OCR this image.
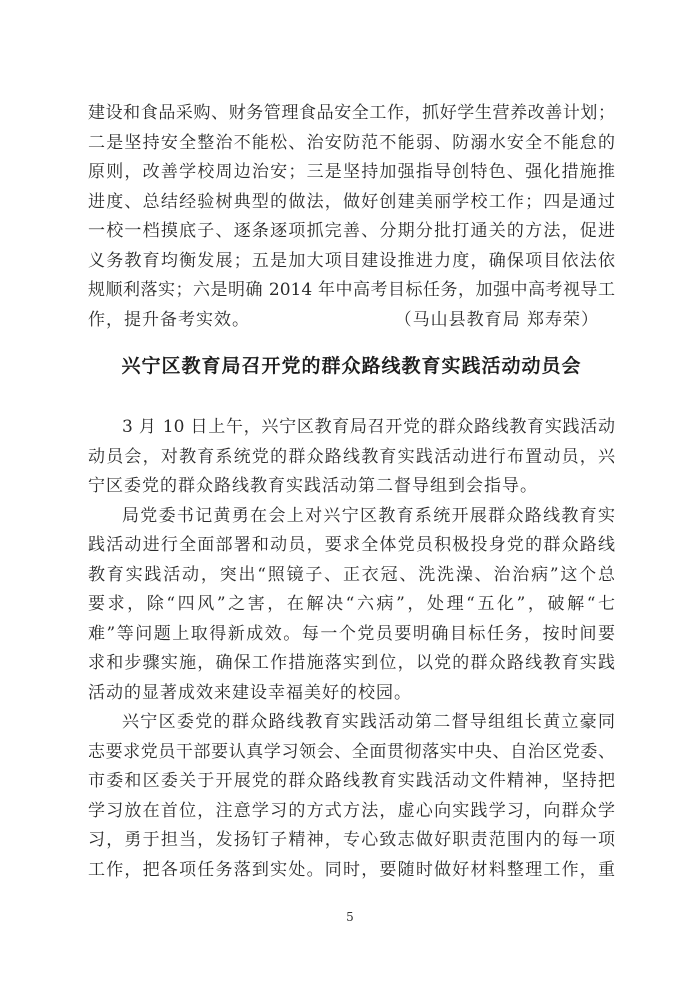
建设和食品采购、财务管理食品安全工作，抓好学生营养改善计划；
二是坚持安全整治不能松、治安防范不能弱、防溺水安全不能怠的
原则，改善学校周边治安；三是坚持加强指导创特色、强化措施推
进度、总结经验树典型的做法，做好创建美丽学校工作；四是通过
一校一档摸底子、逐条逐项抓完善、分期分批打通关的方法，促进
义务教育均衡发展；五是加大项目建设推进力度，确保项目依法依
规顺利落实；六是明确 2014 年中高考目标任务，加强中高考视导工
作，提升备考实效。	（马山县教育局 郑寿荣）
兴宁区教育局召开党的群众路线教育实践活动动员会
3 月 10 日上午，兴宁区教育局召开党的群众路线教育实践活动
动员会，对教育系统党的群众路线教育实践活动进行布置动员，兴
宁区委党的群众路线教育实践活动第二督导组到会指导。
局党委书记黄勇在会上对兴宁区教育系统开展群众路线教育实
践活动进行全面部署和动员，要求全体党员积极投身党的群众路线
教育实践活动，突出“照镜子、正衣冠、洗洗澡、治治病”这个总
要求，除“四风”之害，在解决“六病”，处理“五化”，破解“七
难”等问题上取得新成效。每一个党员要明确目标任务，按时间要
求和步骤实施，确保工作措施落实到位，以党的群众路线教育实践
活动的显著成效来建设幸福美好的校园。
兴宁区委党的群众路线教育实践活动第二督导组组长黄立豪同
志要求党员干部要认真学习领会、全面贯彻落实中央、自治区党委、
市委和区委关于开展党的群众路线教育实践活动文件精神，坚持把
学习放在首位，注意学习的方式方法，虚心向实践学习，向群众学
习，勇于担当，发扬钉子精神，专心致志做好职责范围内的每一项
工作，把各项任务落到实处。同时，要随时做好材料整理工作，重
5
